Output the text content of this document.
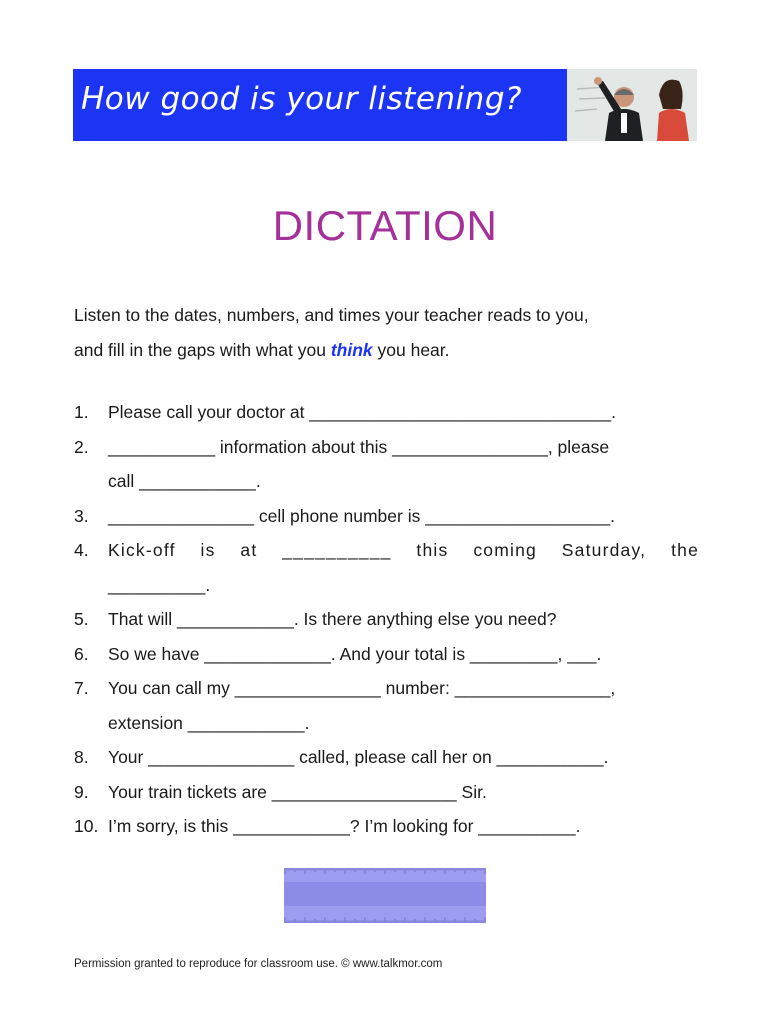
How good is your listening?
DICTATION
Listen to the dates, numbers, and times your teacher reads to you,
and fill in the gaps with what you think you hear.
1.	Please call your doctor at _______________________________.
2.	___________ information about this ________________, please
call ____________.
3.	_______________ cell phone number is ___________________.
4.	Kick-off is at __________ this coming Saturday, the
__________.
5.	That will ____________. Is there anything else you need?
6.	So we have _____________. And your total is _________, ___.
7.	You can call my _______________ number: ________________,
extension ____________.
8.	Your _______________ called, please call her on ___________.
9.	Your train tickets are ___________________ Sir.
10. I’m sorry, is this ____________? I’m looking for __________.
Permission granted to reproduce for classroom use. © www.talkmor.com
